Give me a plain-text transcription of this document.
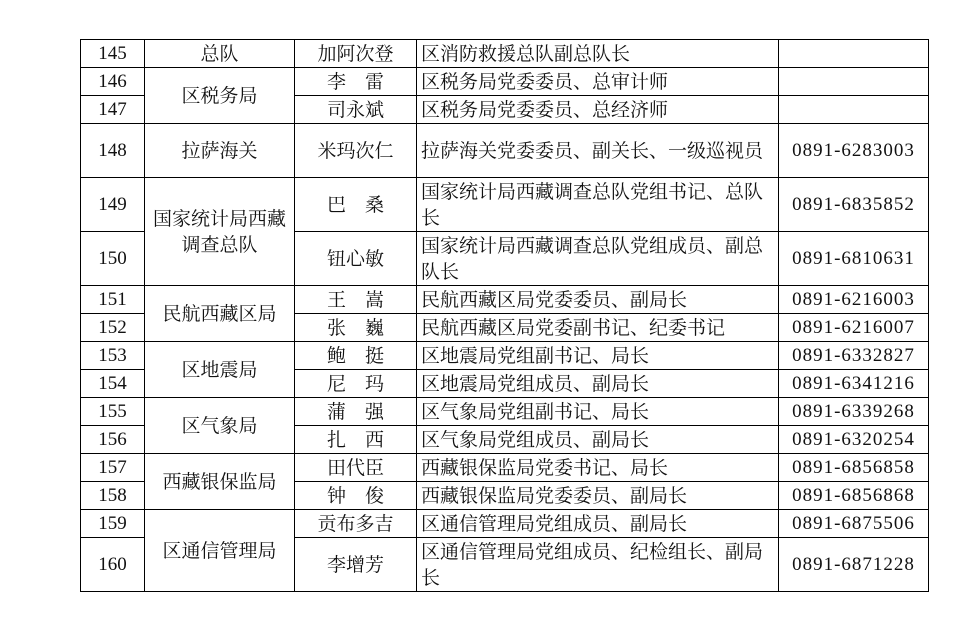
145	总队	加阿次登	区消防救援总队副总队长	
146	区税务局	李　雷	区税务局党委委员、总审计师	
147		司永斌	区税务局党委委员、总经济师	
148	拉萨海关	米玛次仁	拉萨海关党委委员、副关长、一级巡视员	0891-6283003
149	国家统计局西藏调查总队	巴　桑	国家统计局西藏调查总队党组书记、总队长	0891-6835852
150		钮心敏	国家统计局西藏调查总队党组成员、副总队长	0891-6810631
151	民航西藏区局	王　嵩	民航西藏区局党委委员、副局长	0891-6216003
152		张　巍	民航西藏区局党委副书记、纪委书记	0891-6216007
153	区地震局	鲍　挺	区地震局党组副书记、局长	0891-6332827
154		尼　玛	区地震局党组成员、副局长	0891-6341216
155	区气象局	蒲　强	区气象局党组副书记、局长	0891-6339268
156		扎　西	区气象局党组成员、副局长	0891-6320254
157	西藏银保监局	田代臣	西藏银保监局党委书记、局长	0891-6856858
158		钟　俊	西藏银保监局党委委员、副局长	0891-6856868
159	区通信管理局	贡布多吉	区通信管理局党组成员、副局长	0891-6875506
160		李增芳	区通信管理局党组成员、纪检组长、副局长	0891-6871228
